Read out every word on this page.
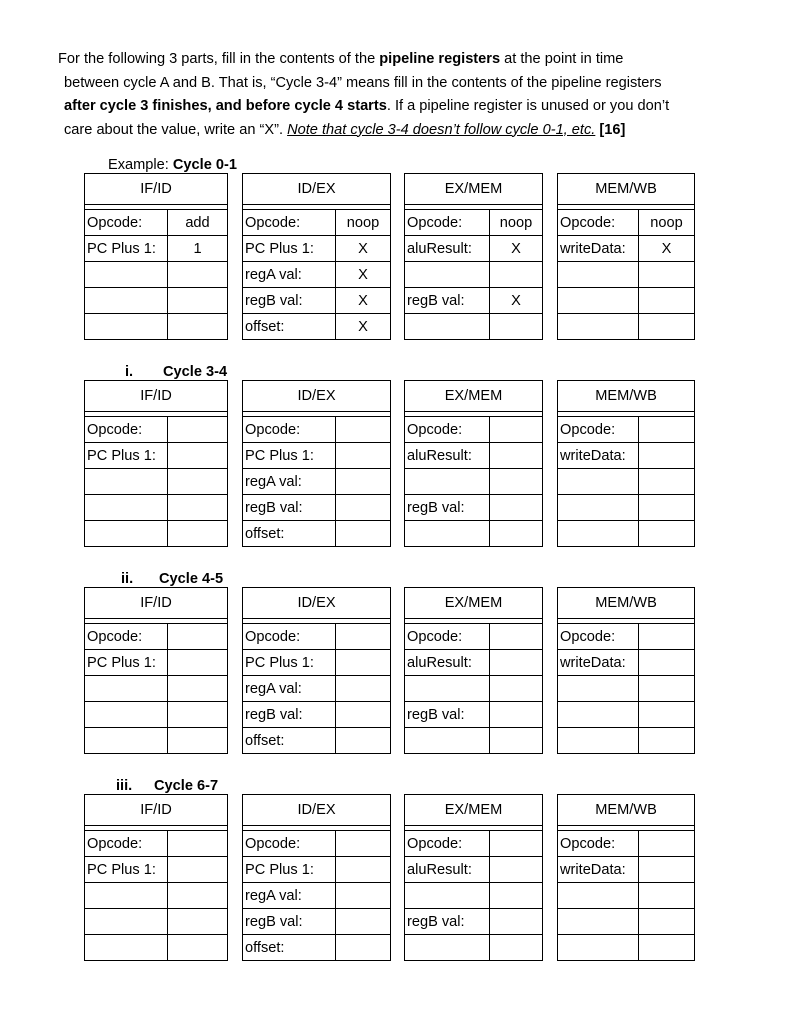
For the following 3 parts, fill in the contents of the pipeline registers at the point in time

between cycle A and B. That is, “Cycle 3-4” means fill in the contents of the pipeline registers

after cycle 3 finishes, and before cycle 4 starts. If a pipeline register is unused or you don’t

care about the value, write an “X”. Note that cycle 3-4 doesn’t follow cycle 0-1, etc. [16]

Example: Cycle 0-1
IF/ID
Opcode:	add
PC Plus 1:	1

ID/EX
Opcode:	noop
PC Plus 1:	X
regA val:	X
regB val:	X
offset:	X
EX/MEM
Opcode:	noop
aluResult:	X

regB val:	X

MEM/WB
Opcode:	noop
writeData:	X

i. Cycle 3-4
IF/ID
Opcode:	
PC Plus 1:	

ID/EX
Opcode:	
PC Plus 1:	
regA val:	
regB val:	
offset:	
EX/MEM
Opcode:	
aluResult:	

regB val:	

MEM/WB
Opcode:	
writeData:	

ii. Cycle 4-5
IF/ID
Opcode:	
PC Plus 1:	

ID/EX
Opcode:	
PC Plus 1:	
regA val:	
regB val:	
offset:	
EX/MEM
Opcode:	
aluResult:	

regB val:	

MEM/WB
Opcode:	
writeData:	

iii. Cycle 6-7
IF/ID
Opcode:	
PC Plus 1:	

ID/EX
Opcode:	
PC Plus 1:	
regA val:	
regB val:	
offset:	
EX/MEM
Opcode:	
aluResult:	

regB val:	

MEM/WB
Opcode:	
writeData:	
